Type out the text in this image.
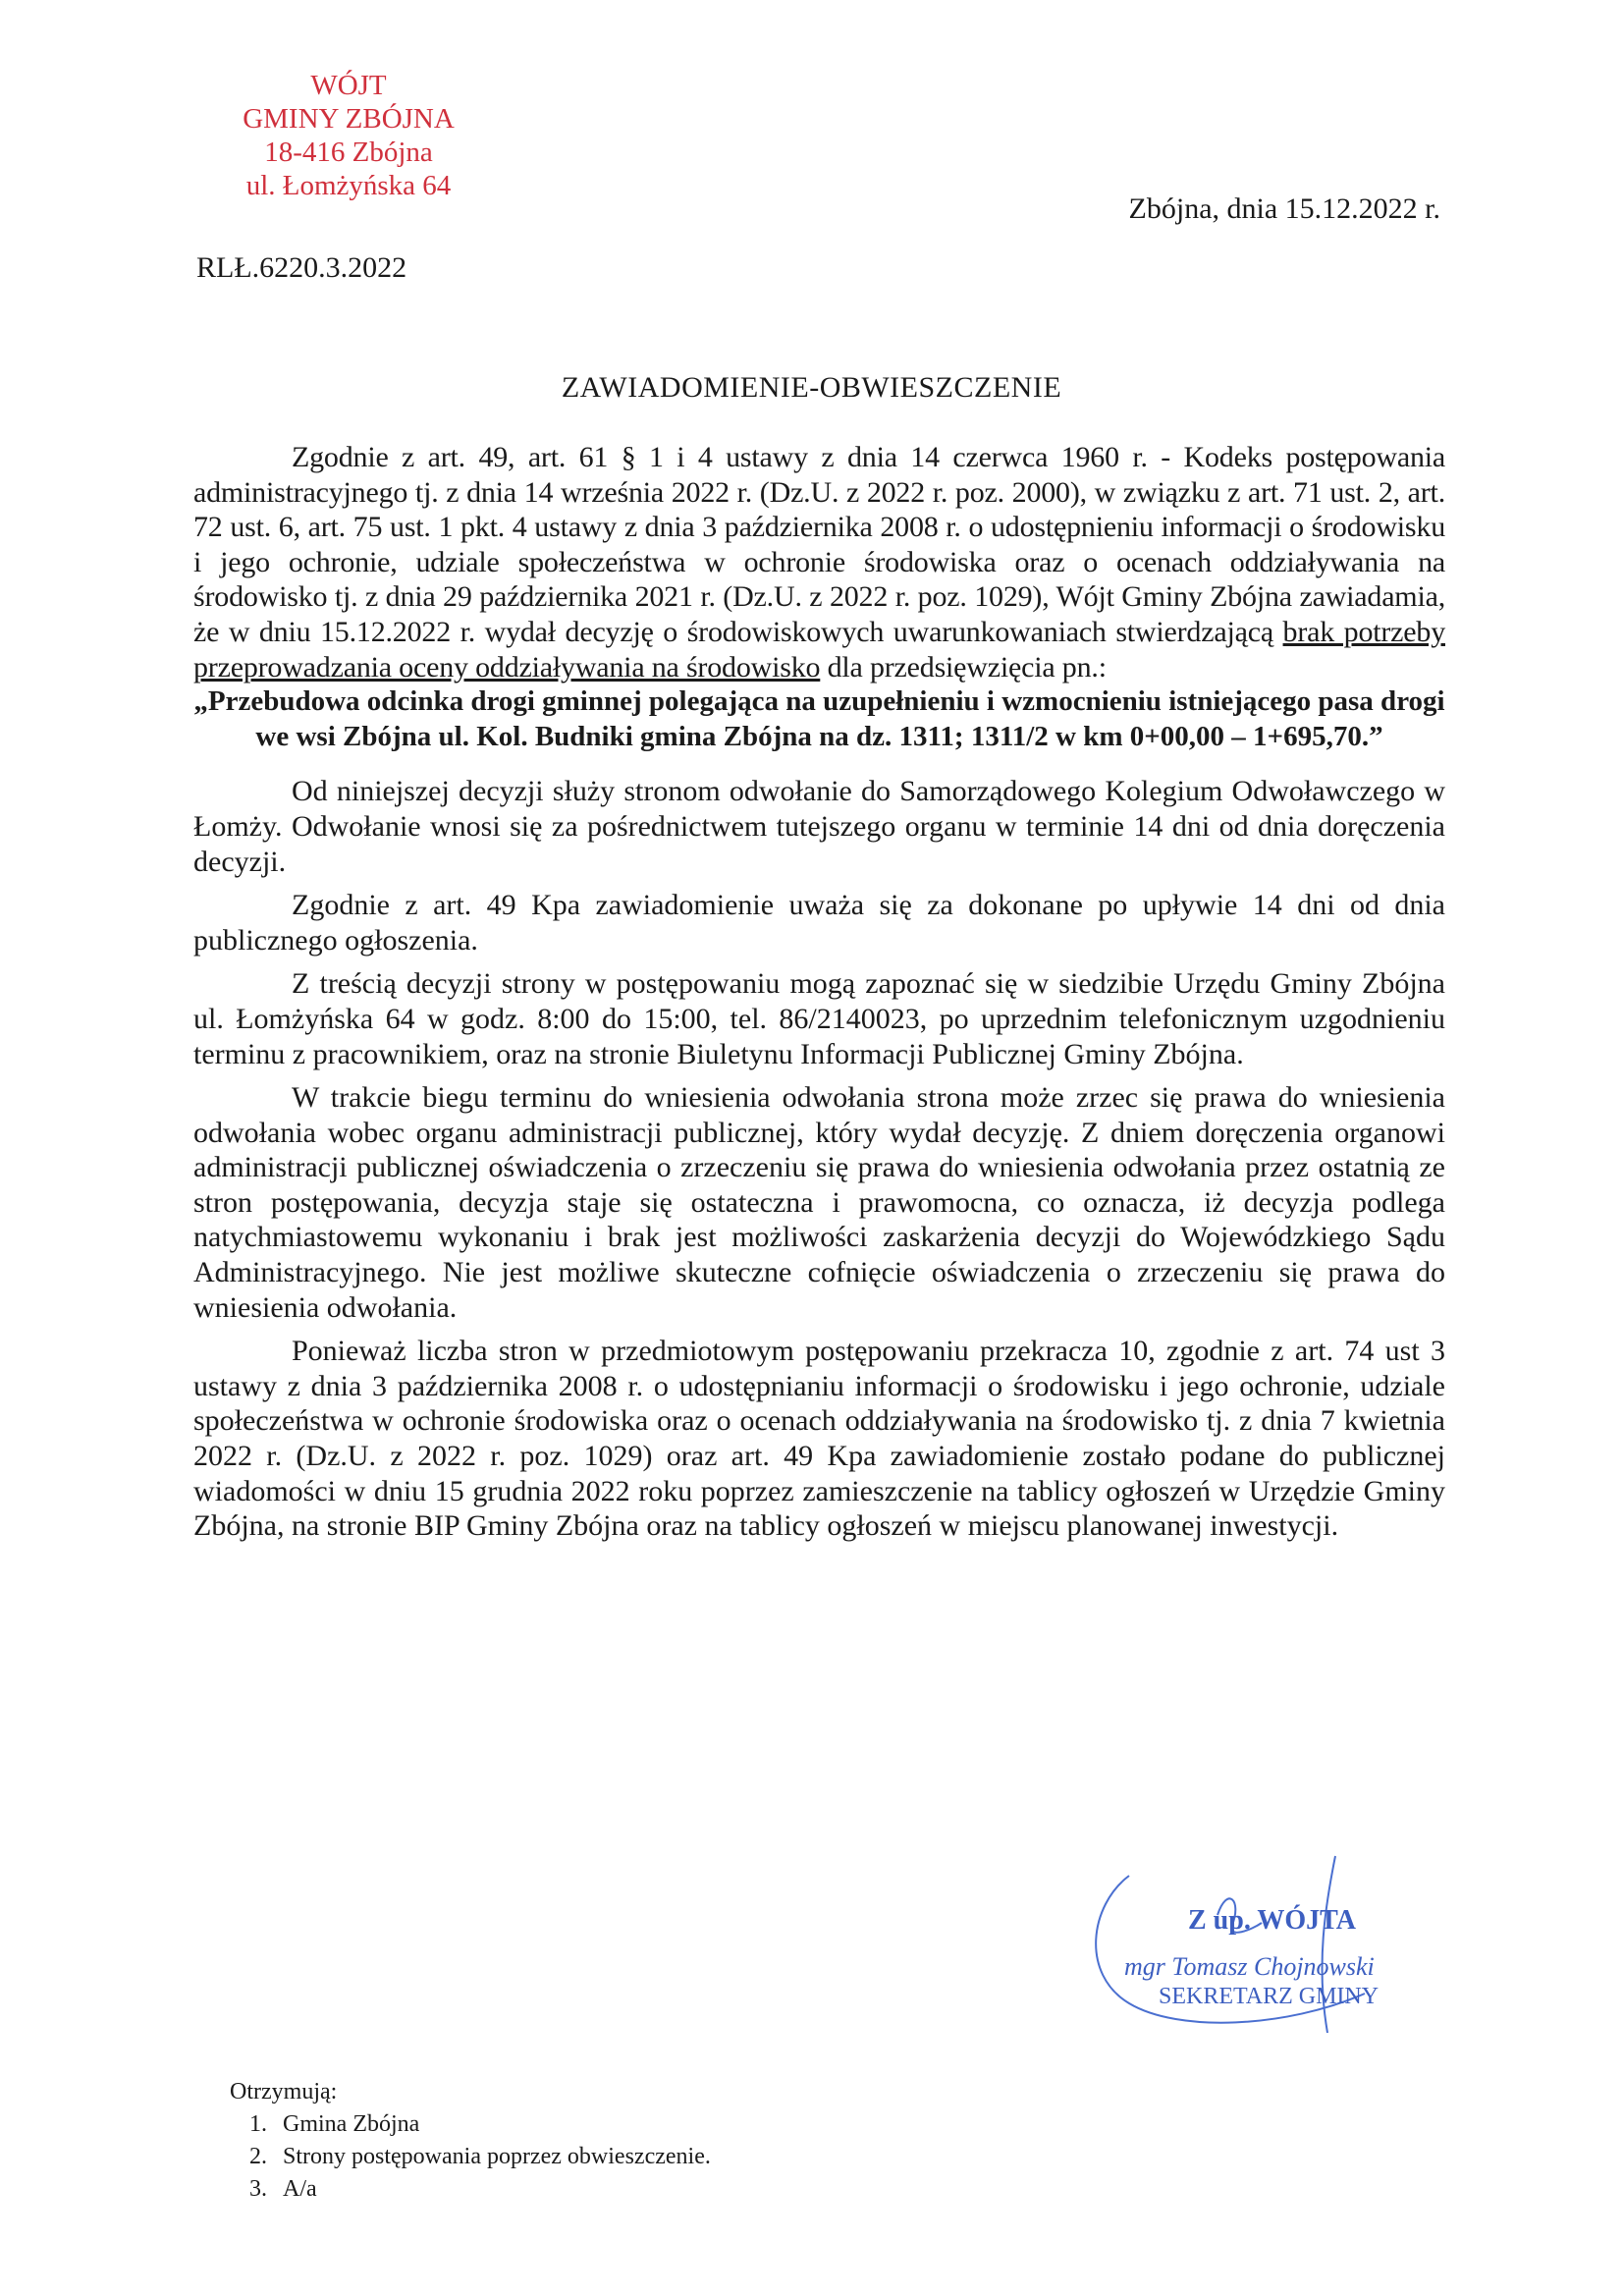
WÓJT
GMINY ZBÓJNA
18-416 Zbójna
ul. Łomżyńska 64
Zbójna, dnia 15.12.2022 r.
RLŁ.6220.3.2022
ZAWIADOMIENIE-OBWIESZCZENIE

Zgodnie z art. 49, art. 61 § 1 i 4 ustawy z dnia 14 czerwca 1960 r. - Kodeks postępowania administracyjnego tj. z dnia 14 września 2022 r. (Dz.U. z 2022 r. poz. 2000), w związku z art. 71 ust. 2, art. 72 ust. 6, art. 75 ust. 1 pkt. 4 ustawy z dnia 3 października 2008 r. o udostępnieniu informacji o środowisku i jego ochronie, udziale społeczeństwa w ochronie środowiska oraz o ocenach oddziaływania na środowisko tj. z dnia 29 października 2021 r. (Dz.U. z 2022 r. poz. 1029), Wójt Gminy Zbójna zawiadamia, że w dniu 15.12.2022 r. wydał decyzję o środowiskowych uwarunkowaniach stwierdzającą brak potrzeby przeprowadzania oceny oddziaływania na środowisko dla przedsięwzięcia pn.:

„Przebudowa odcinka drogi gminnej polegająca na uzupełnieniu i wzmocnieniu istniejącego pasa drogi we wsi Zbójna ul. Kol. Budniki gmina Zbójna na dz. 1311; 1311/2 w km 0+00,00 – 1+695,70.”

Od niniejszej decyzji służy stronom odwołanie do Samorządowego Kolegium Odwoławczego w Łomży. Odwołanie wnosi się za pośrednictwem tutejszego organu w terminie 14 dni od dnia doręczenia decyzji.

Zgodnie z art. 49 Kpa zawiadomienie uważa się za dokonane po upływie 14 dni od dnia publicznego ogłoszenia.

Z treścią decyzji strony w postępowaniu mogą zapoznać się w siedzibie Urzędu Gminy Zbójna ul. Łomżyńska 64 w godz. 8:00 do 15:00, tel. 86/2140023, po uprzednim telefonicznym uzgodnieniu terminu z pracownikiem, oraz na stronie Biuletynu Informacji Publicznej Gminy Zbójna.

W trakcie biegu terminu do wniesienia odwołania strona może zrzec się prawa do wniesienia odwołania wobec organu administracji publicznej, który wydał decyzję. Z dniem doręczenia organowi administracji publicznej oświadczenia o zrzeczeniu się prawa do wniesienia odwołania przez ostatnią ze stron postępowania, decyzja staje się ostateczna i prawomocna, co oznacza, iż decyzja podlega natychmiastowemu wykonaniu i brak jest możliwości zaskarżenia decyzji do Wojewódzkiego Sądu Administracyjnego. Nie jest możliwe skuteczne cofnięcie oświadczenia o zrzeczeniu się prawa do wniesienia odwołania.

Ponieważ liczba stron w przedmiotowym postępowaniu przekracza 10, zgodnie z art. 74 ust 3 ustawy z dnia 3 października 2008 r. o udostępnianiu informacji o środowisku i jego ochronie, udziale społeczeństwa w ochronie środowiska oraz o ocenach oddziaływania na środowisko tj. z dnia 7 kwietnia 2022 r. (Dz.U. z 2022 r. poz. 1029) oraz art. 49 Kpa zawiadomienie zostało podane do publicznej wiadomości w dniu 15 grudnia 2022 roku poprzez zamieszczenie na tablicy ogłoszeń w Urzędzie Gminy Zbójna, na stronie BIP Gminy Zbójna oraz na tablicy ogłoszeń w miejscu planowanej inwestycji.

Z up. WÓJTA
mgr Tomasz Chojnowski
SEKRETARZ GMINY
Otrzymują:
1. Gmina Zbójna
2. Strony postępowania poprzez obwieszczenie.
3. A/a
